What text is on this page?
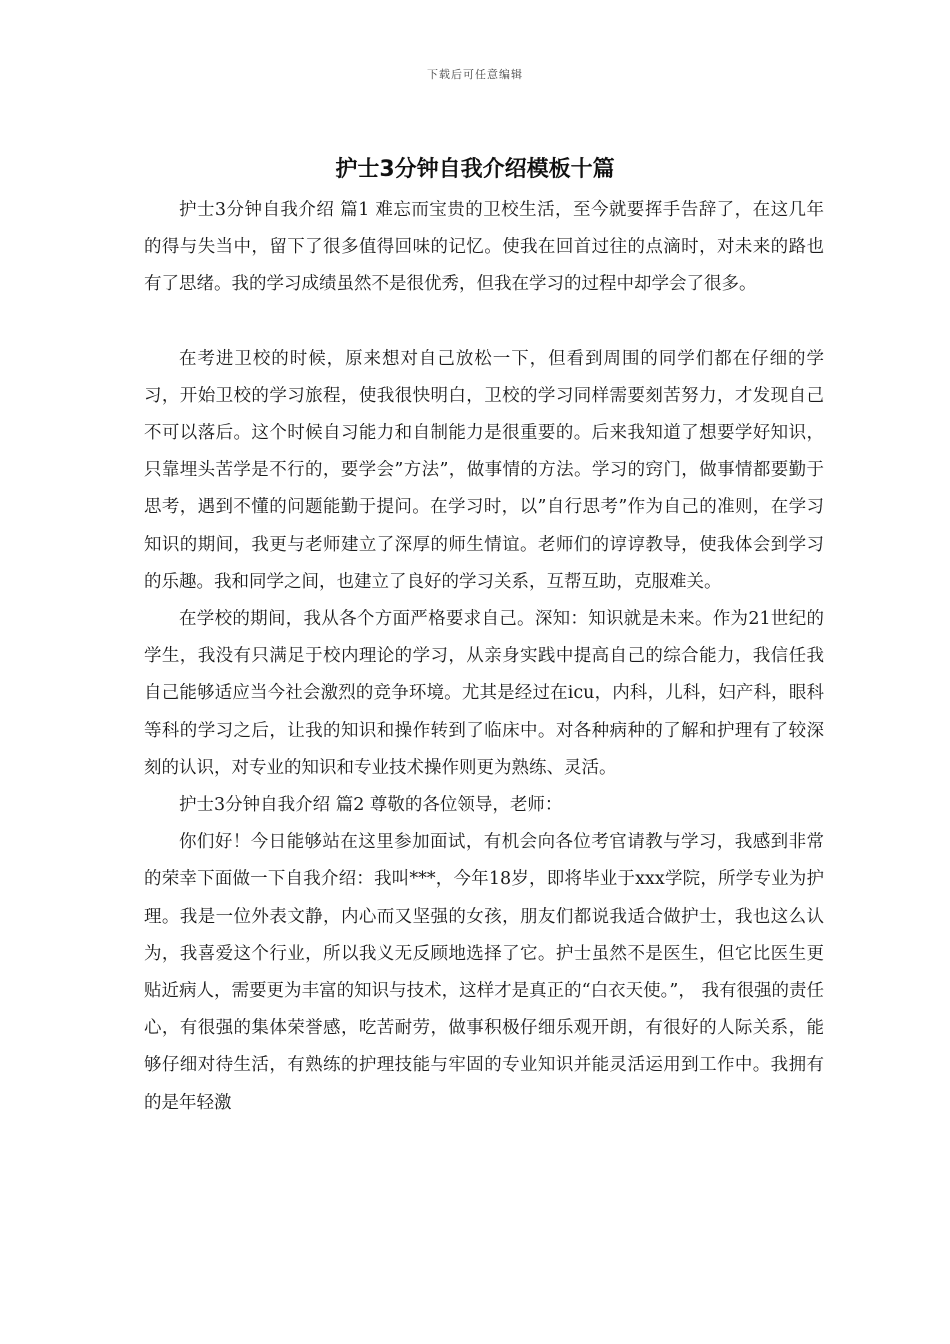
下载后可任意编辑
护士3分钟自我介绍模板十篇

护士3分钟自我介绍 篇1 难忘而宝贵的卫校生活，至今就要挥手告辞了，在这几年的得与失当中，留下了很多值得回味的记忆。使我在回首过往的点滴时，对未来的路也有了思绪。我的学习成绩虽然不是很优秀，但我在学习的过程中却学会了很多。

在考进卫校的时候，原来想对自己放松一下，但看到周围的同学们都在仔细的学习，开始卫校的学习旅程，使我很快明白，卫校的学习同样需要刻苦努力，才发现自己不可以落后。这个时候自习能力和自制能力是很重要的。后来我知道了想要学好知识，只靠埋头苦学是不行的，要学会”方法”，做事情的方法。学习的窍门，做事情都要勤于思考，遇到不懂的问题能勤于提问。在学习时，以”自行思考”作为自己的准则，在学习知识的期间，我更与老师建立了深厚的师生情谊。老师们的谆谆教导，使我体会到学习的乐趣。我和同学之间，也建立了良好的学习关系，互帮互助，克服难关。

在学校的期间，我从各个方面严格要求自己。深知：知识就是未来。作为21世纪的学生，我没有只满足于校内理论的学习，从亲身实践中提高自己的综合能力，我信任我自己能够适应当今社会激烈的竞争环境。尤其是经过在icu，内科，儿科，妇产科，眼科等科的学习之后，让我的知识和操作转到了临床中。对各种病种的了解和护理有了较深刻的认识，对专业的知识和专业技术操作则更为熟练、灵活。

护士3分钟自我介绍 篇2 尊敬的各位领导，老师：

你们好！今日能够站在这里参加面试，有机会向各位考官请教与学习，我感到非常的荣幸下面做一下自我介绍：我叫***，今年18岁，即将毕业于xxx学院，所学专业为护理。我是一位外表文静，内心而又坚强的女孩，朋友们都说我适合做护士，我也这么认为，我喜爱这个行业，所以我义无反顾地选择了它。护士虽然不是医生，但它比医生更贴近病人，需要更为丰富的知识与技术，这样才是真正的“白衣天使。”， 我有很强的责任心，有很强的集体荣誉感，吃苦耐劳，做事积极仔细乐观开朗，有很好的人际关系，能够仔细对待生活，有熟练的护理技能与牢固的专业知识并能灵活运用到工作中。我拥有的是年轻激
